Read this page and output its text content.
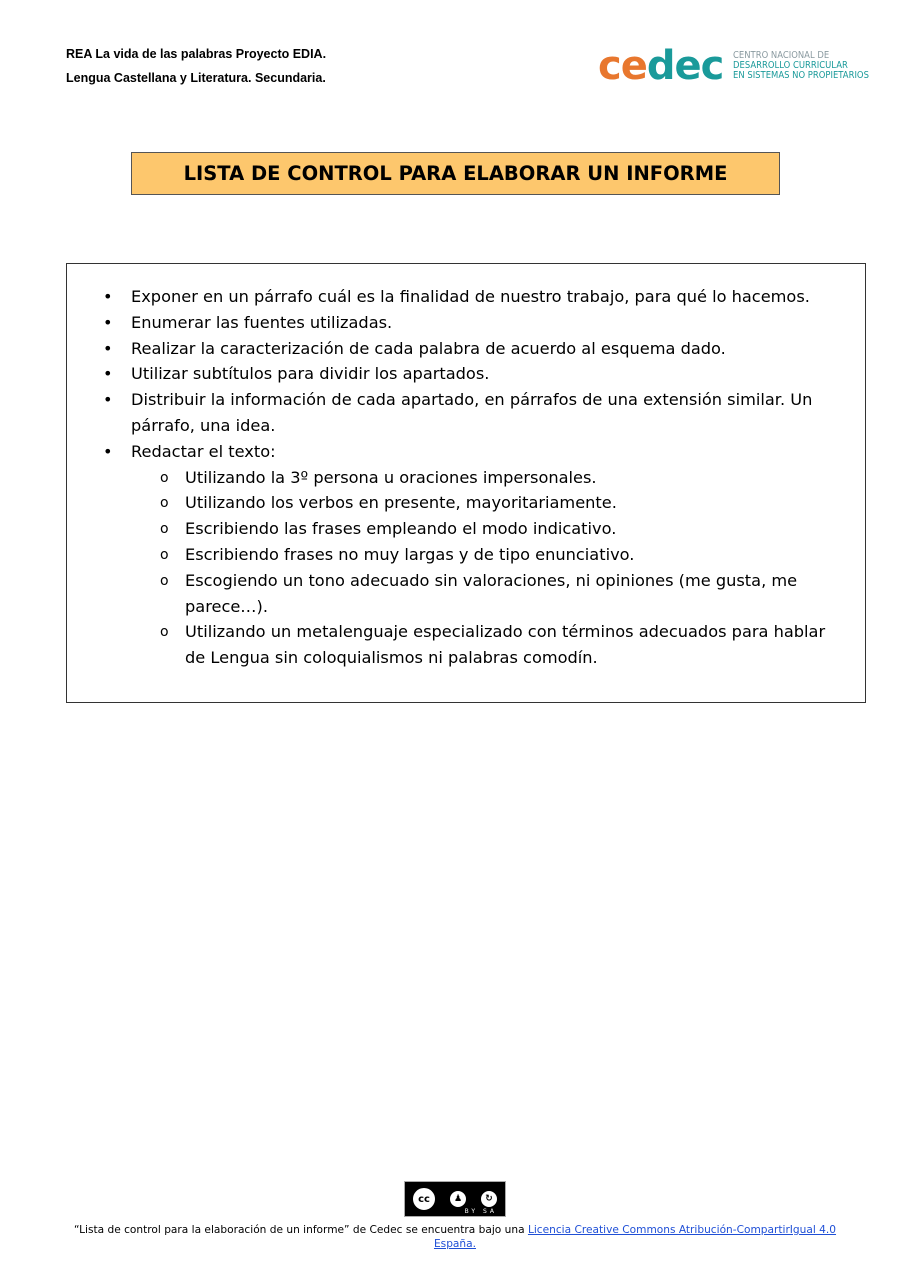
REA La vida de las palabras Proyecto EDIA.
Lengua Castellana y Literatura. Secundaria.	cedec CENTRO NACIONAL DE
DESARROLLO CURRICULAR
EN SISTEMAS NO PROPIETARIOS
LISTA DE CONTROL PARA ELABORAR UN INFORME
• Exponer en un párrafo cuál es la finalidad de nuestro trabajo, para qué lo hacemos.
• Enumerar las fuentes utilizadas.
• Realizar la caracterización de cada palabra de acuerdo al esquema dado.
• Utilizar subtítulos para dividir los apartados.
• Distribuir la información de cada apartado, en párrafos de una extensión similar. Un párrafo, una idea.
• Redactar el texto:
o Utilizando la 3º persona u oraciones impersonales.
o Utilizando los verbos en presente, mayoritariamente.
o Escribiendo las frases empleando el modo indicativo.
o Escribiendo frases no muy largas y de tipo enunciativo.
o Escogiendo un tono adecuado sin valoraciones, ni opiniones (me gusta, me parece…).
o Utilizando un metalenguaje especializado con términos adecuados para hablar de Lengua sin coloquialismos ni palabras comodín.
cc	♟	↻
BY SA
“Lista de control para la elaboración de un informe” de Cedec se encuentra bajo una Licencia Creative Commons Atribución-CompartirIgual 4.0 España.
